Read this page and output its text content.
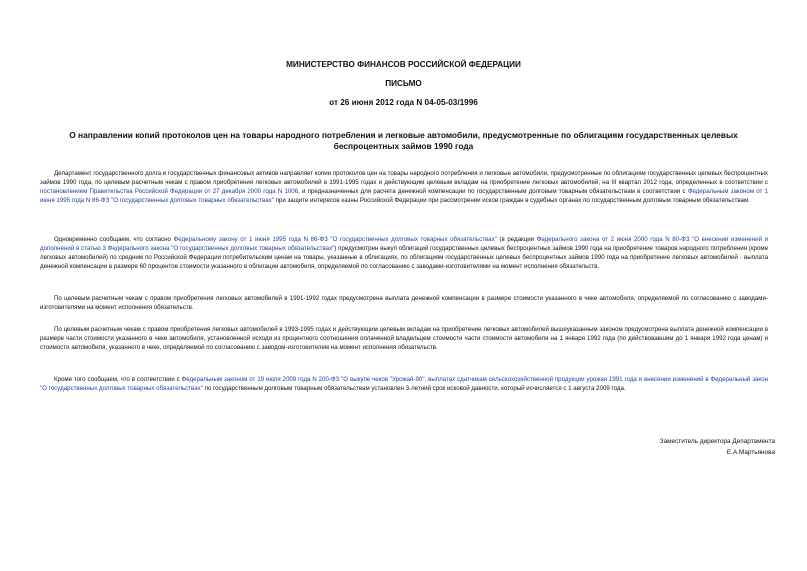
МИНИСТЕРСТВО ФИНАНСОВ РОССИЙСКОЙ ФЕДЕРАЦИИ
ПИСЬМО
от 26 июня 2012 года N 04-05-03/1996
О направлении копий протоколов цен на товары народного потребления и легковые автомобили, предусмотренные по облигациям государственных целевых беспроцентных займов 1990 года

Департамент государственного долга и государственных финансовых активов направляет копии протоколов цен на товары народного потребления и легковые автомобили, предусмотренные по облигациям государственных целевых беспроцентных займов 1990 года, по целевым расчетным чекам с правом приобретения легковых автомобилей в 1991-1995 годах и действующим целевым вкладам на приобретение легковых автомобилей, на III квартал 2012 года, определенных в соответствии с постановлением Правительства Российской Федерации от 27 декабря 2000 года N 1006, и предназначенных для расчета денежной компенсации по государственным долговым товарным обязательствам в соответствии с Федеральным законом от 1 июня 1995 года N 86-ФЗ "О государственных долговых товарных обязательствах" при защите интересов казны Российской Федерации при рассмотрении исков граждан в судебных органах по государственным долговым товарным обязательствам.

Одновременно сообщаем, что согласно Федеральному закону от 1 июня 1995 года N 86-ФЗ "О государственных долговых товарных обязательствах" (в редакции Федерального закона от 2 июня 2000 года N 80-ФЗ "О внесении изменений и дополнений в статью 3 Федерального закона "О государственных долговых товарных обязательствах") предусмотрен выкуп облигаций государственных целевых беспроцентных займов 1990 года на приобретение товаров народного потребления (кроме легковых автомобилей) по средним по Российской Федерации потребительским ценам на товары, указанные в облигациях, по облигациям государственных целевых беспроцентных займов 1990 года на приобретение легковых автомобилей - выплата денежной компенсации в размере 60 процентов стоимости указанного в облигации автомобиля, определяемой по согласованию с заводами-изготовителями на момент исполнения обязательств.

По целевым расчетным чекам с правом приобретения легковых автомобилей в 1991-1992 годах предусмотрена выплата денежной компенсации в размере стоимости указанного в чеке автомобиля, определяемой по согласованию с заводами-изготовителями на момент исполнения обязательств.

По целевым расчетным чекам с правом приобретения легковых автомобилей в 1993-1995 годах и действующим целевым вкладам на приобретение легковых автомобилей вышеуказанным законом предусмотрена выплата денежной компенсации в размере части стоимости указанного в чеке автомобиля, установленной исходя из процентного соотношения оплаченной владельцем стоимости части стоимости автомобиля на 1 января 1992 года (по действовавшим до 1 января 1992 года ценам) и стоимости автомобиля, указанного в чеке, определяемой по согласованию с заводом-изготовителем на момент исполнения обязательств.

Кроме того сообщаем, что в соответствии с Федеральным законом от 19 июля 2009 года N 200-ФЗ "О выкупе чеков "Урожай-90", выплатах сдатчикам сельскохозяйственной продукции урожая 1991 года и внесении изменений в Федеральный закон "О государственных долговых товарных обязательствах" по государственным долговым товарным обязательствам установлен 3-летний срок исковой давности, который исчисляется с 1 августа 2009 года.

Заместитель директора Департамента
Е.А.Мартьянова
